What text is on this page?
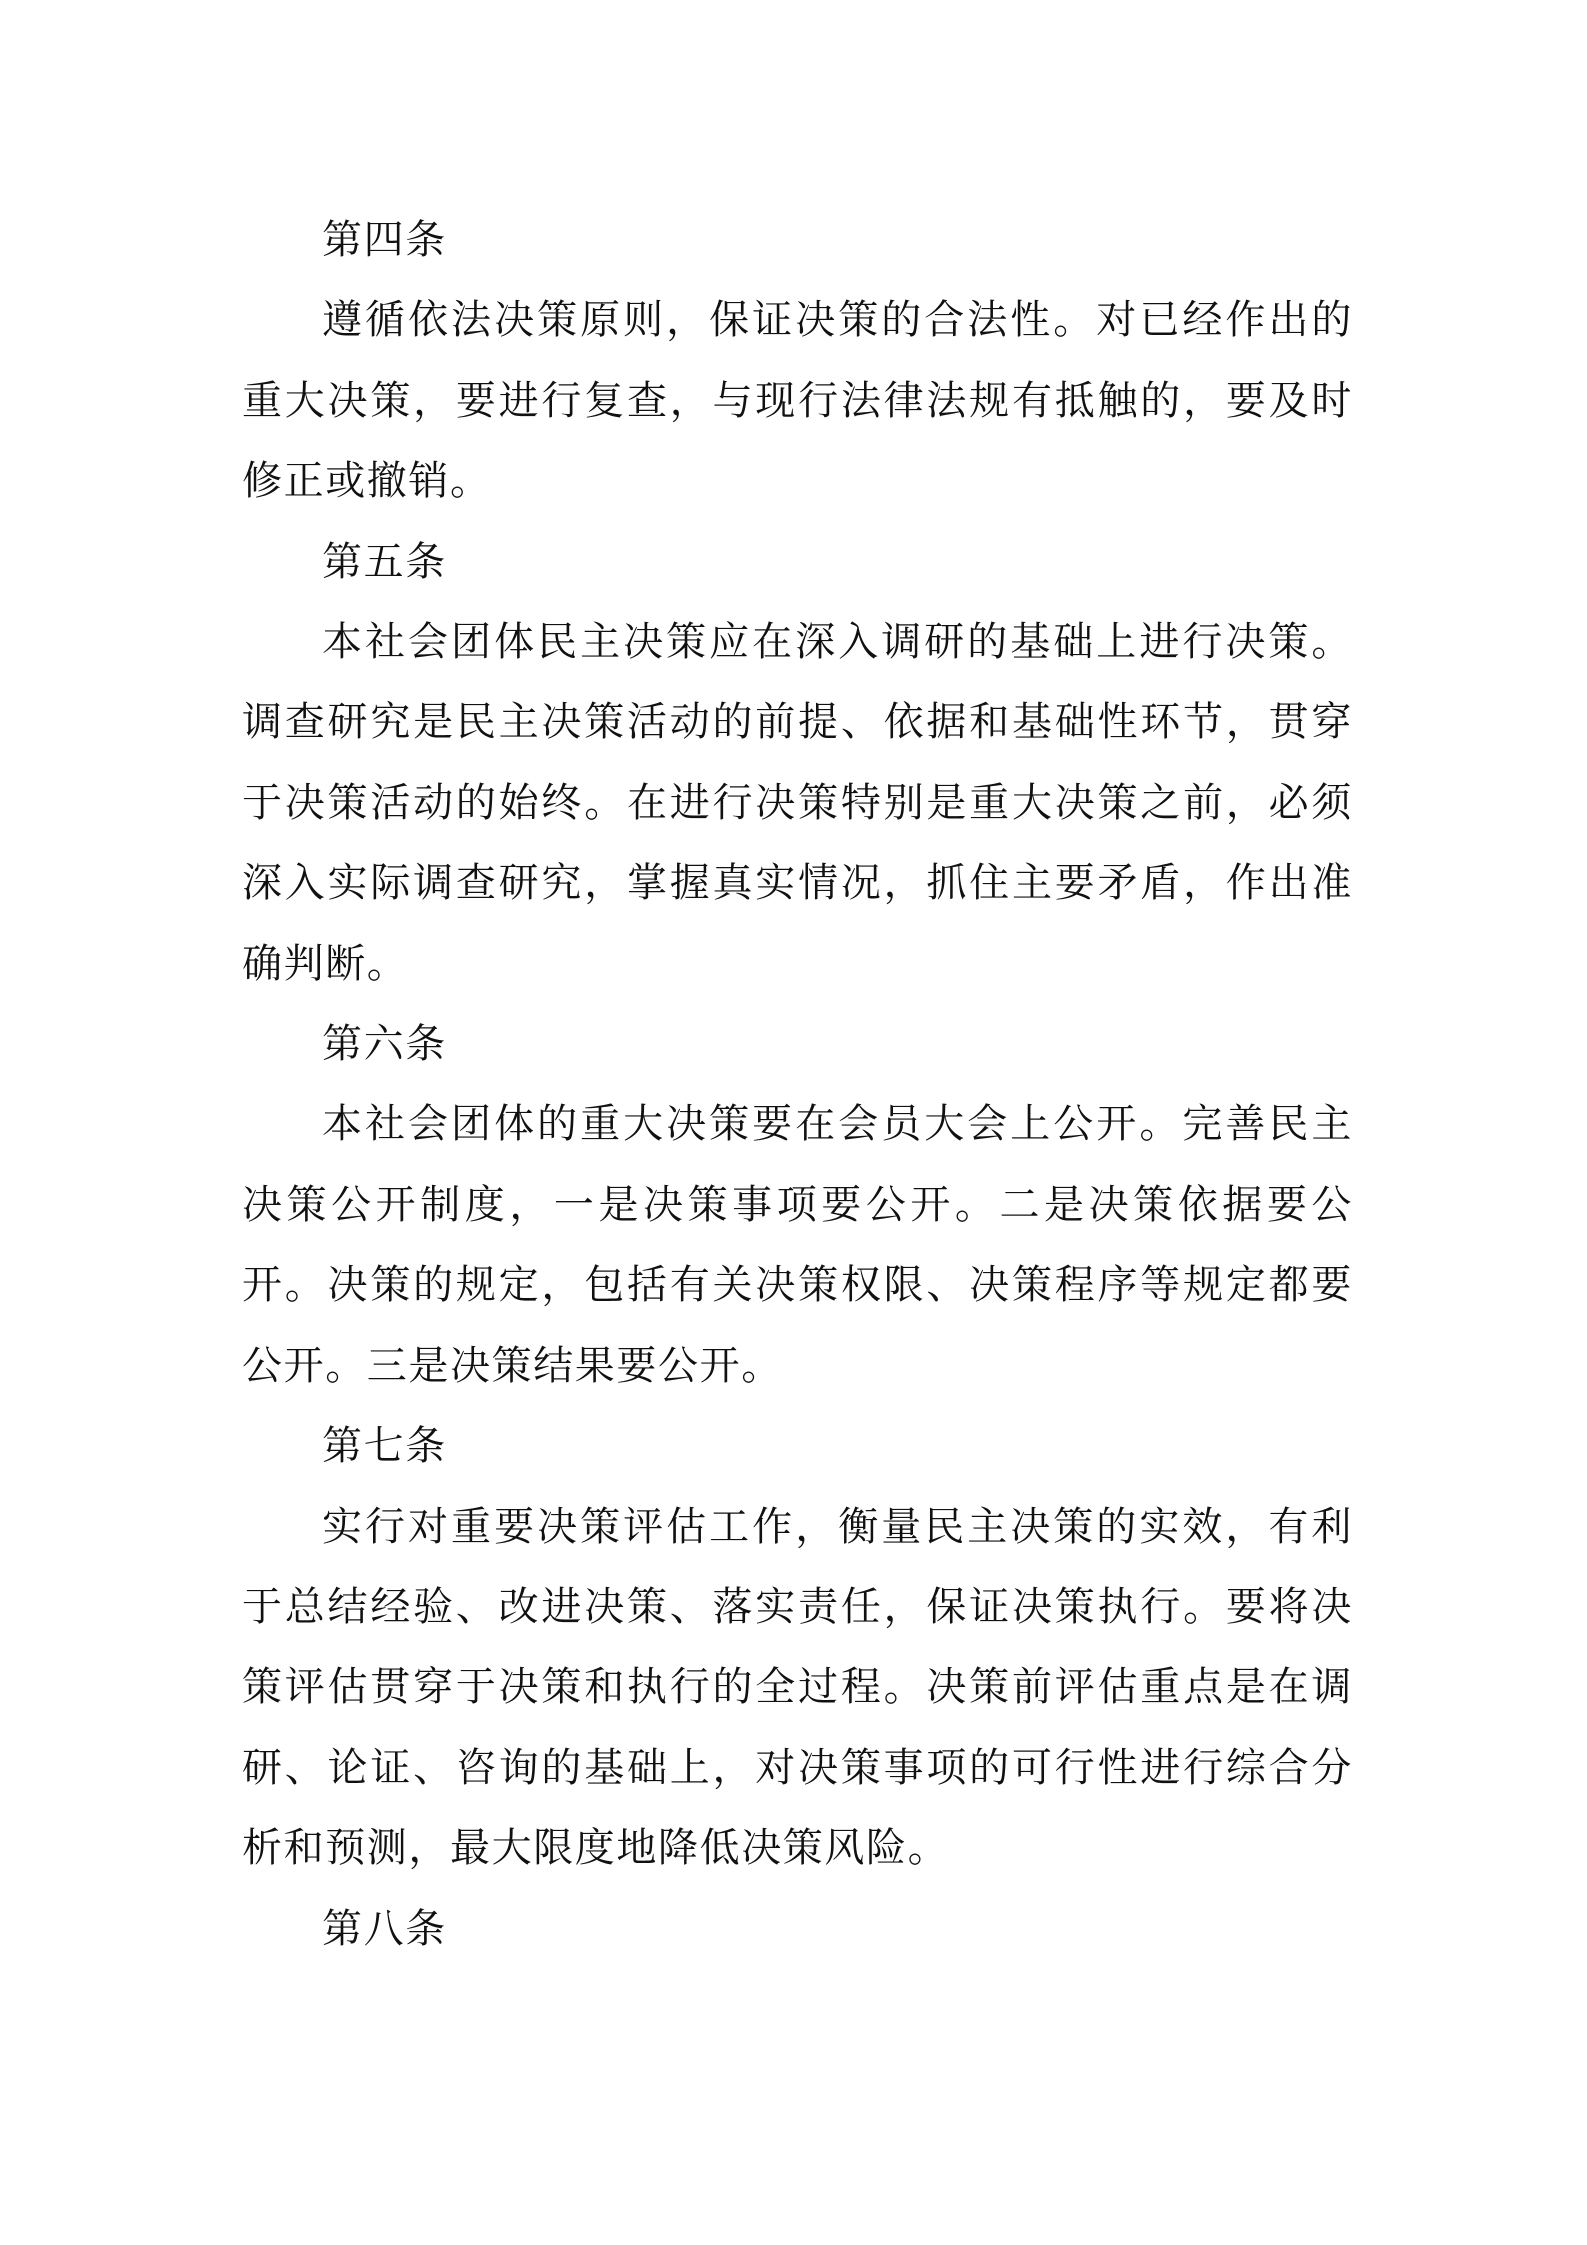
第四条

遵循依法决策原则，保证决策的合法性。对已经作出的重大决策，要进行复查，与现行法律法规有抵触的，要及时修正或撤销。

第五条

本社会团体民主决策应在深入调研的基础上进行决策。调查研究是民主决策活动的前提、依据和基础性环节，贯穿于决策活动的始终。在进行决策特别是重大决策之前，必须深入实际调查研究，掌握真实情况，抓住主要矛盾，作出准确判断。

第六条

本社会团体的重大决策要在会员大会上公开。完善民主决策公开制度，一是决策事项要公开。二是决策依据要公开。决策的规定，包括有关决策权限、决策程序等规定都要公开。三是决策结果要公开。

第七条

实行对重要决策评估工作，衡量民主决策的实效，有利于总结经验、改进决策、落实责任，保证决策执行。要将决策评估贯穿于决策和执行的全过程。决策前评估重点是在调研、论证、咨询的基础上，对决策事项的可行性进行综合分析和预测，最大限度地降低决策风险。

第八条
